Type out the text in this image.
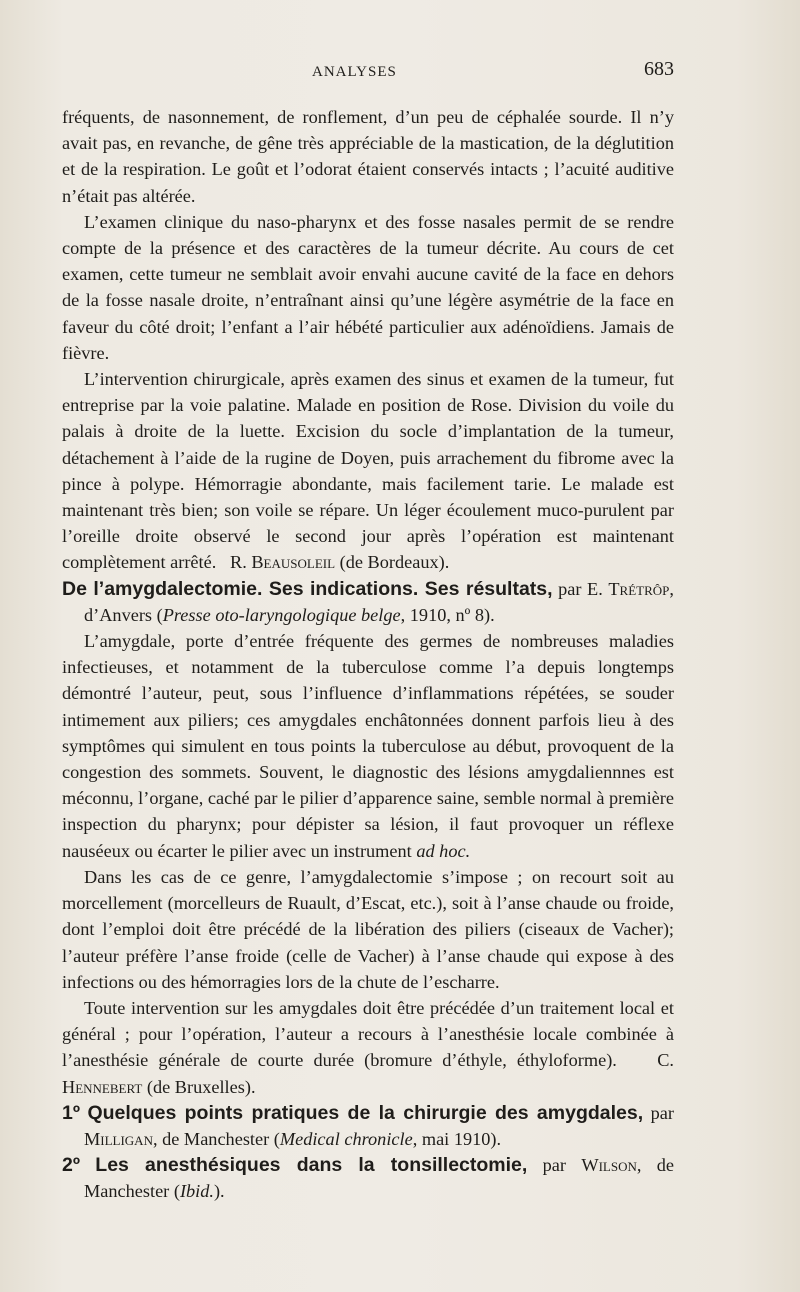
ANALYSES	683

fréquents, de nasonnement, de ronflement, d’un peu de céphalée sourde. Il n’y avait pas, en revanche, de gêne très appréciable de la mastication, de la déglutition et de la respiration. Le goût et l’odorat étaient conservés intacts ; l’acuité auditive n’était pas altérée.

L’examen clinique du naso-pharynx et des fosse nasales permit de se rendre compte de la présence et des caractères de la tumeur décrite. Au cours de cet examen, cette tumeur ne semblait avoir envahi aucune cavité de la face en dehors de la fosse nasale droite, n’entraînant ainsi qu’une légère asymétrie de la face en faveur du côté droit; l’enfant a l’air hébété particulier aux adénoïdiens. Jamais de fièvre.

L’intervention chirurgicale, après examen des sinus et examen de la tumeur, fut entreprise par la voie palatine. Malade en position de Rose. Division du voile du palais à droite de la luette. Excision du socle d’implantation de la tumeur, détachement à l’aide de la rugine de Doyen, puis arrachement du fibrome avec la pince à polype. Hémorragie abondante, mais facilement tarie. Le malade est maintenant très bien; son voile se répare. Un léger écoulement muco-purulent par l’oreille droite observé le second jour après l’opération est maintenant complètement arrêté. R. Beausoleil (de Bordeaux).

De l’amygdalectomie. Ses indications. Ses résultats, par E. Trétrôp, d’Anvers (Presse oto-laryngologique belge, 1910, nº 8).

L’amygdale, porte d’entrée fréquente des germes de nombreuses maladies infectieuses, et notamment de la tuberculose comme l’a depuis longtemps démontré l’auteur, peut, sous l’influence d’inflammations répétées, se souder intimement aux piliers; ces amygdales enchâtonnées donnent parfois lieu à des symptômes qui simulent en tous points la tuberculose au début, provoquent de la congestion des sommets. Souvent, le diagnostic des lésions amygdaliennnes est méconnu, l’organe, caché par le pilier d’apparence saine, semble normal à première inspection du pharynx; pour dépister sa lésion, il faut provoquer un réflexe nauséeux ou écarter le pilier avec un instrument ad hoc.

Dans les cas de ce genre, l’amygdalectomie s’impose ; on recourt soit au morcellement (morcelleurs de Ruault, d’Escat, etc.), soit à l’anse chaude ou froide, dont l’emploi doit être précédé de la libération des piliers (ciseaux de Vacher); l’auteur préfère l’anse froide (celle de Vacher) à l’anse chaude qui expose à des infections ou des hémorragies lors de la chute de l’escharre.

Toute intervention sur les amygdales doit être précédée d’un traitement local et général ; pour l’opération, l’auteur a recours à l’anesthésie locale combinée à l’anesthésie générale de courte durée (bromure d’éthyle, éthyloforme). C. Hennebert (de Bruxelles).

1º Quelques points pratiques de la chirurgie des amygdales, par Milligan, de Manchester (Medical chronicle, mai 1910).

2º Les anesthésiques dans la tonsillectomie, par Wilson, de Manchester (Ibid.).
